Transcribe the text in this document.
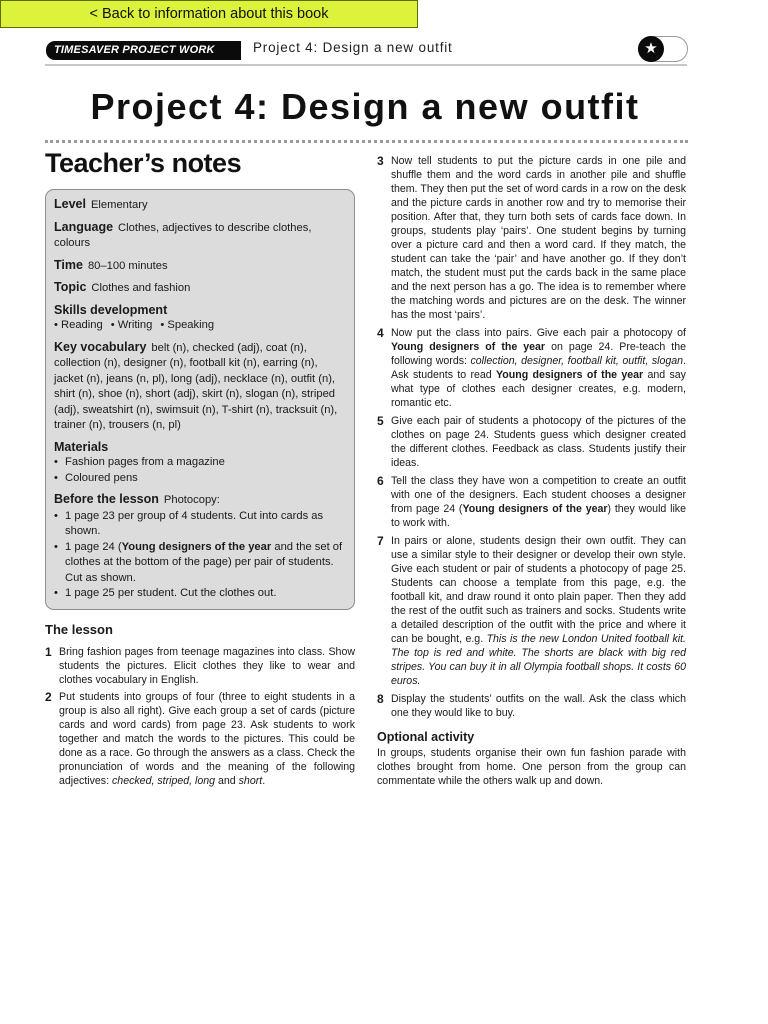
< Back to information about this book
TIMESAVER PROJECT WORK	Project 4: Design a new outfit	★
Project 4: Design a new outfit
Teacher’s notes
Level Elementary
Language Clothes, adjectives to describe clothes, colours
Time 80–100 minutes
Topic Clothes and fashion
Skills development
• Reading	• Writing	• Speaking
Key vocabulary belt (n), checked (adj), coat (n), collection (n), designer (n), football kit (n), earring (n), jacket (n), jeans (n, pl), long (adj), necklace (n), outfit (n), shirt (n), shoe (n), short (adj), skirt (n), slogan (n), striped (adj), sweatshirt (n), swimsuit (n), T-shirt (n), tracksuit (n), trainer (n), trousers (n, pl)
Materials
• Fashion pages from a magazine
• Coloured pens
Before the lesson Photocopy:
• 1 page 23 per group of 4 students. Cut into cards as shown.
• 1 page 24 (Young designers of the year and the set of clothes at the bottom of the page) per pair of students. Cut as shown.
• 1 page 25 per student. Cut the clothes out.
The lesson
1 Bring fashion pages from teenage magazines into class. Show students the pictures. Elicit clothes they like to wear and clothes vocabulary in English.
2 Put students into groups of four (three to eight students in a group is also all right). Give each group a set of cards (picture cards and word cards) from page 23. Ask students to work together and match the words to the pictures. This could be done as a race. Go through the answers as a class. Check the pronunciation of words and the meaning of the following adjectives: checked, striped, long and short.
3 Now tell students to put the picture cards in one pile and shuffle them and the word cards in another pile and shuffle them. They then put the set of word cards in a row on the desk and the picture cards in another row and try to memorise their position. After that, they turn both sets of cards face down. In groups, students play ‘pairs’. One student begins by turning over a picture card and then a word card. If they match, the student can take the ‘pair’ and have another go. If they don’t match, the student must put the cards back in the same place and the next person has a go. The idea is to remember where the matching words and pictures are on the desk. The winner has the most ‘pairs’.
4 Now put the class into pairs. Give each pair a photocopy of Young designers of the year on page 24. Pre-teach the following words: collection, designer, football kit, outfit, slogan. Ask students to read Young designers of the year and say what type of clothes each designer creates, e.g. modern, romantic etc.
5 Give each pair of students a photocopy of the pictures of the clothes on page 24. Students guess which designer created the different clothes. Feedback as class. Students justify their ideas.
6 Tell the class they have won a competition to create an outfit with one of the designers. Each student chooses a designer from page 24 (Young designers of the year) they would like to work with.
7 In pairs or alone, students design their own outfit. They can use a similar style to their designer or develop their own style. Give each student or pair of students a photocopy of page 25. Students can choose a template from this page, e.g. the football kit, and draw round it onto plain paper. Then they add the rest of the outfit such as trainers and socks. Students write a detailed description of the outfit with the price and where it can be bought, e.g. This is the new London United football kit. The top is red and white. The shorts are black with big red stripes. You can buy it in all Olympia football shops. It costs 60 euros.
8 Display the students’ outfits on the wall. Ask the class which one they would like to buy.
Optional activity
In groups, students organise their own fun fashion parade with clothes brought from home. One person from the group can commentate while the others walk up and down.
